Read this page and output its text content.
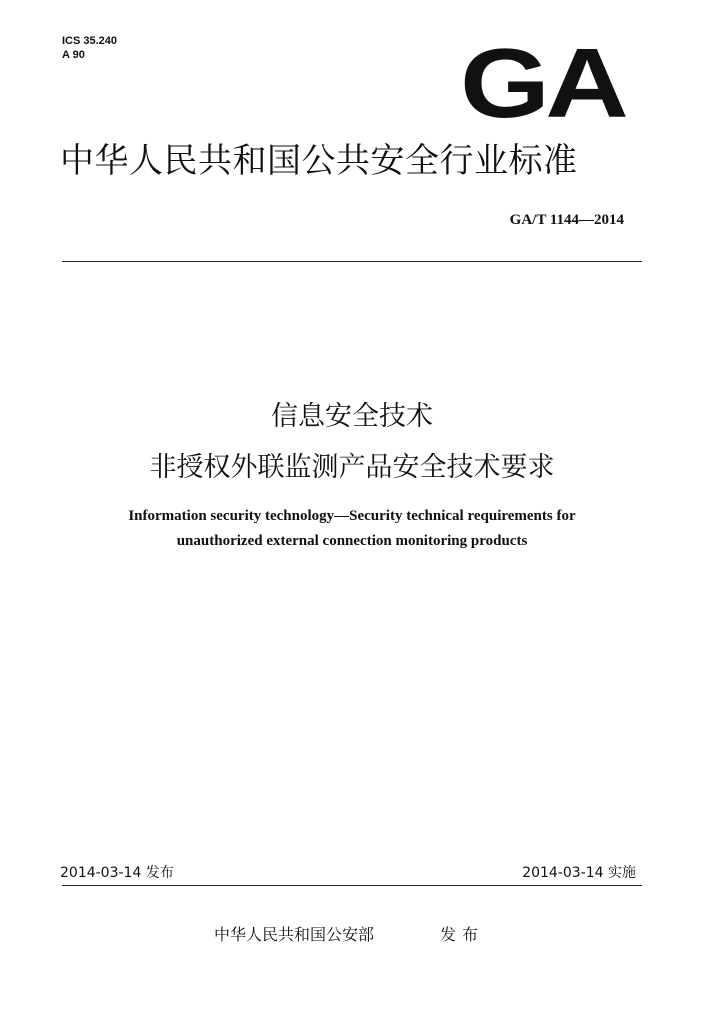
ICS 35.240
A 90	GA
中华人民共和国公共安全行业标准
GA/T 1144—2014
信息安全技术
非授权外联监测产品安全技术要求
Information security technology—Security technical requirements for
unauthorized external connection monitoring products
2014-03-14 发布	2014-03-14 实施
中华人民共和国公安部	发布
